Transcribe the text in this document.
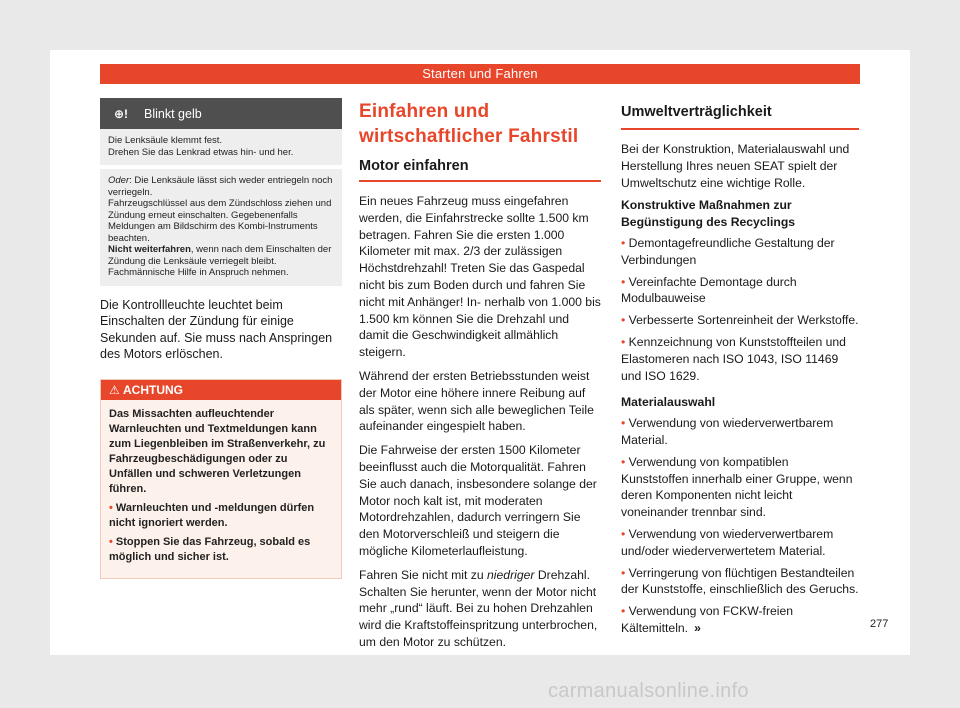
Starten und Fahren
⊕!	Blinkt gelb
Die Lenksäule klemmt fest.
Drehen Sie das Lenkrad etwas hin- und her.
Oder: Die Lenksäule lässt sich weder entriegeln noch verriegeln.
Fahrzeugschlüssel aus dem Zündschloss ziehen und Zündung erneut einschalten. Gegebenenfalls Meldungen am Bildschirm des Kombi-Instruments beachten.
Nicht weiterfahren, wenn nach dem Einschalten der Zündung die Lenksäule verriegelt bleibt. Fachmännische Hilfe in Anspruch nehmen.

Die Kontrollleuchte leuchtet beim Einschalten der Zündung für einige Sekunden auf. Sie muss nach Anspringen des Motors erlöschen.

⚠ ACHTUNG

Das Missachten aufleuchtender Warnleuchten und Textmeldungen kann zum Liegenbleiben im Straßenverkehr, zu Fahrzeugbeschädigungen oder zu Unfällen und schweren Verletzungen führen.

• Warnleuchten und -meldungen dürfen nicht ignoriert werden.

• Stoppen Sie das Fahrzeug, sobald es möglich und sicher ist.

Einfahren und wirtschaftlicher Fahrstil
Motor einfahren

Ein neues Fahrzeug muss eingefahren werden, die Einfahrstrecke sollte 1.500 km betragen. Fahren Sie die ersten 1.000 Kilometer mit max. 2/3 der zulässigen Höchstdrehzahl! Treten Sie das Gaspedal nicht bis zum Boden durch und fahren Sie nicht mit Anhänger! In- nerhalb von 1.000 bis 1.500 km können Sie die Drehzahl und damit die Geschwindigkeit allmählich steigern.

Während der ersten Betriebsstunden weist der Motor eine höhere innere Reibung auf als später, wenn sich alle beweglichen Teile aufeinander eingespielt haben.

Die Fahrweise der ersten 1500 Kilometer beeinflusst auch die Motorqualität. Fahren Sie auch danach, insbesondere solange der Motor noch kalt ist, mit moderaten Motordrehzahlen, dadurch verringern Sie den Motorverschleiß und steigern die mögliche Kilometerlaufleistung.

Fahren Sie nicht mit zu niedriger Drehzahl. Schalten Sie herunter, wenn der Motor nicht mehr „rund“ läuft. Bei zu hohen Drehzahlen wird die Kraftstoffeinspritzung unterbrochen, um den Motor zu schützen.

Umweltverträglichkeit

Bei der Konstruktion, Materialauswahl und Herstellung Ihres neuen SEAT spielt der Umweltschutz eine wichtige Rolle.

Konstruktive Maßnahmen zur Begünstigung des Recyclings

• Demontagefreundliche Gestaltung der Verbindungen

• Vereinfachte Demontage durch Modulbauweise

• Verbesserte Sortenreinheit der Werkstoffe.

• Kennzeichnung von Kunststoffteilen und Elastomeren nach ISO 1043, ISO 11469 und ISO 1629.

Materialauswahl

• Verwendung von wiederverwertbarem Material.

• Verwendung von kompatiblen Kunststoffen innerhalb einer Gruppe, wenn deren Komponenten nicht leicht voneinander trennbar sind.

• Verwendung von wiederverwertbarem und/oder wiederverwertetem Material.

• Verringerung von flüchtigen Bestandteilen der Kunststoffe, einschließlich des Geruchs.

• Verwendung von FCKW-freien Kältemitteln. »	277
carmanualsonline.info
